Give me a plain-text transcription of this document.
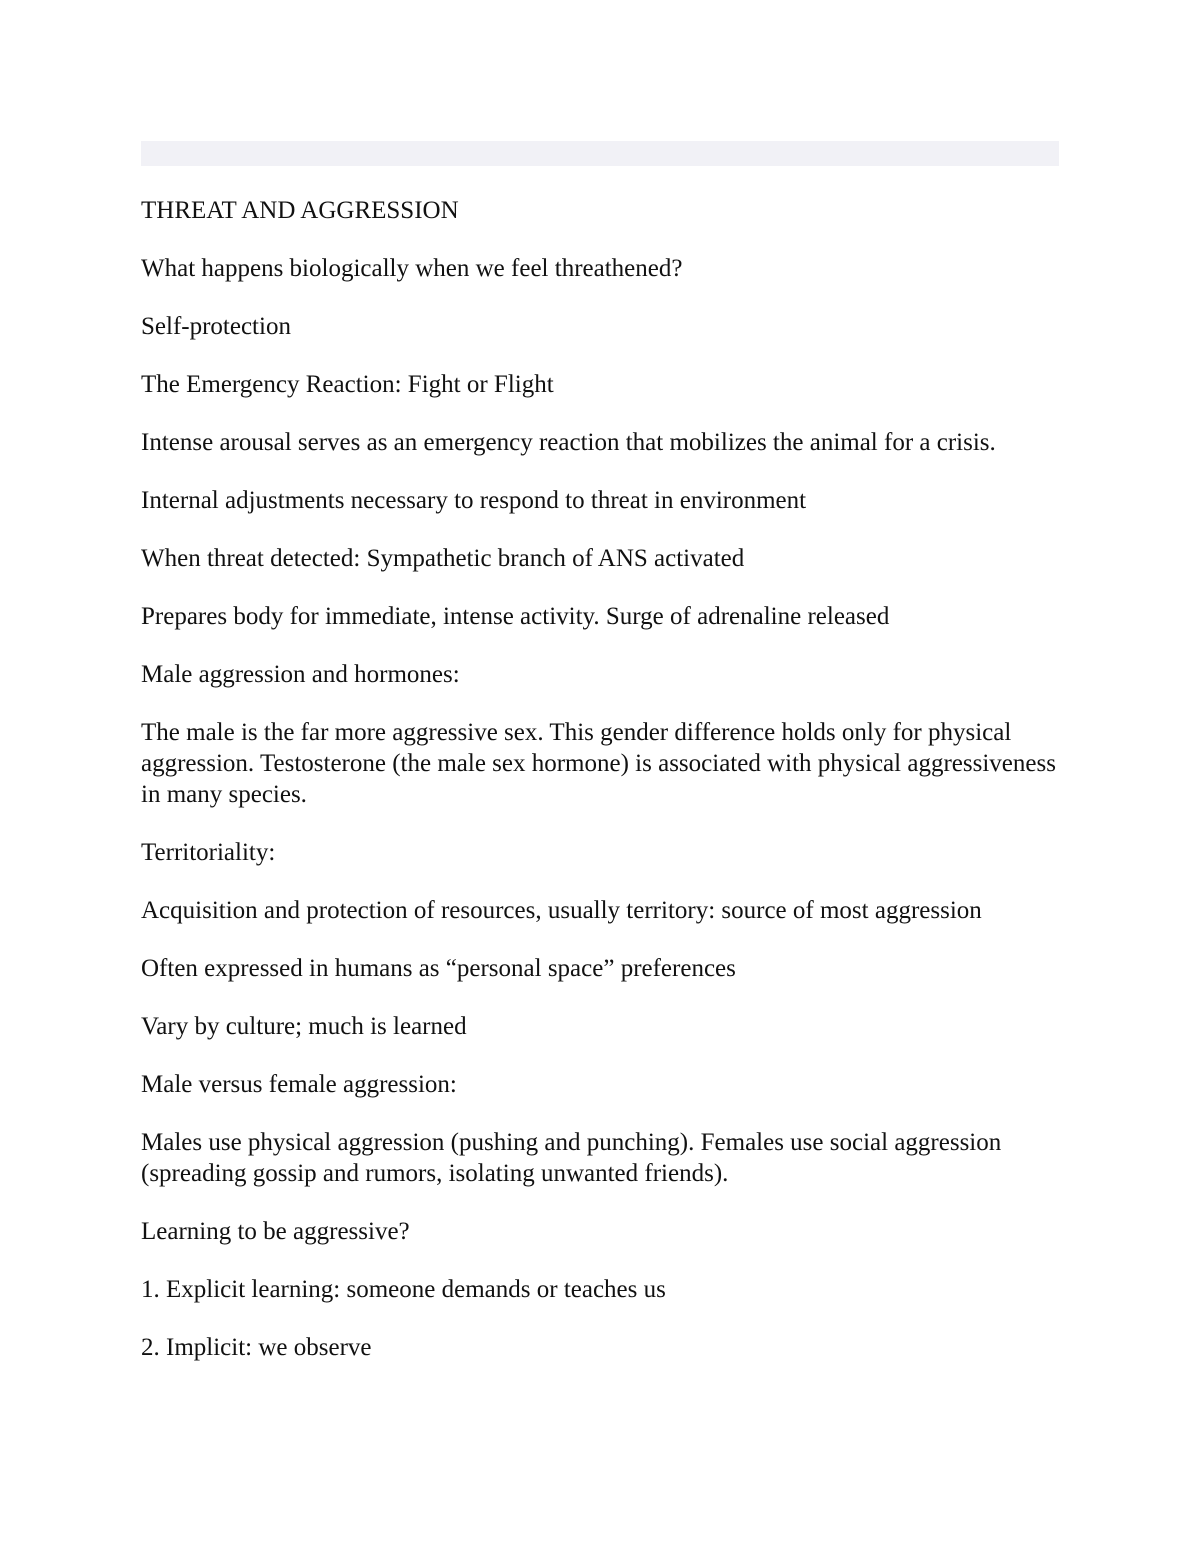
THREAT AND AGGRESSION

What happens biologically when we feel threathened?

Self-protection

The Emergency Reaction: Fight or Flight

Intense arousal serves as an emergency reaction that mobilizes the animal for a crisis.

Internal adjustments necessary to respond to threat in environment

When threat detected: Sympathetic branch of ANS activated

Prepares body for immediate, intense activity. Surge of adrenaline released

Male aggression and hormones:

The male is the far more aggressive sex. This gender difference holds only for physical aggression. Testosterone (the male sex hormone) is associated with physical aggressiveness in many species.

Territoriality:

Acquisition and protection of resources, usually territory: source of most aggression

Often expressed in humans as “personal space” preferences

Vary by culture; much is learned

Male versus female aggression:

Males use physical aggression (pushing and punching). Females use social aggression (spreading gossip and rumors, isolating unwanted friends).

Learning to be aggressive?

1. Explicit learning: someone demands or teaches us

2. Implicit: we observe
